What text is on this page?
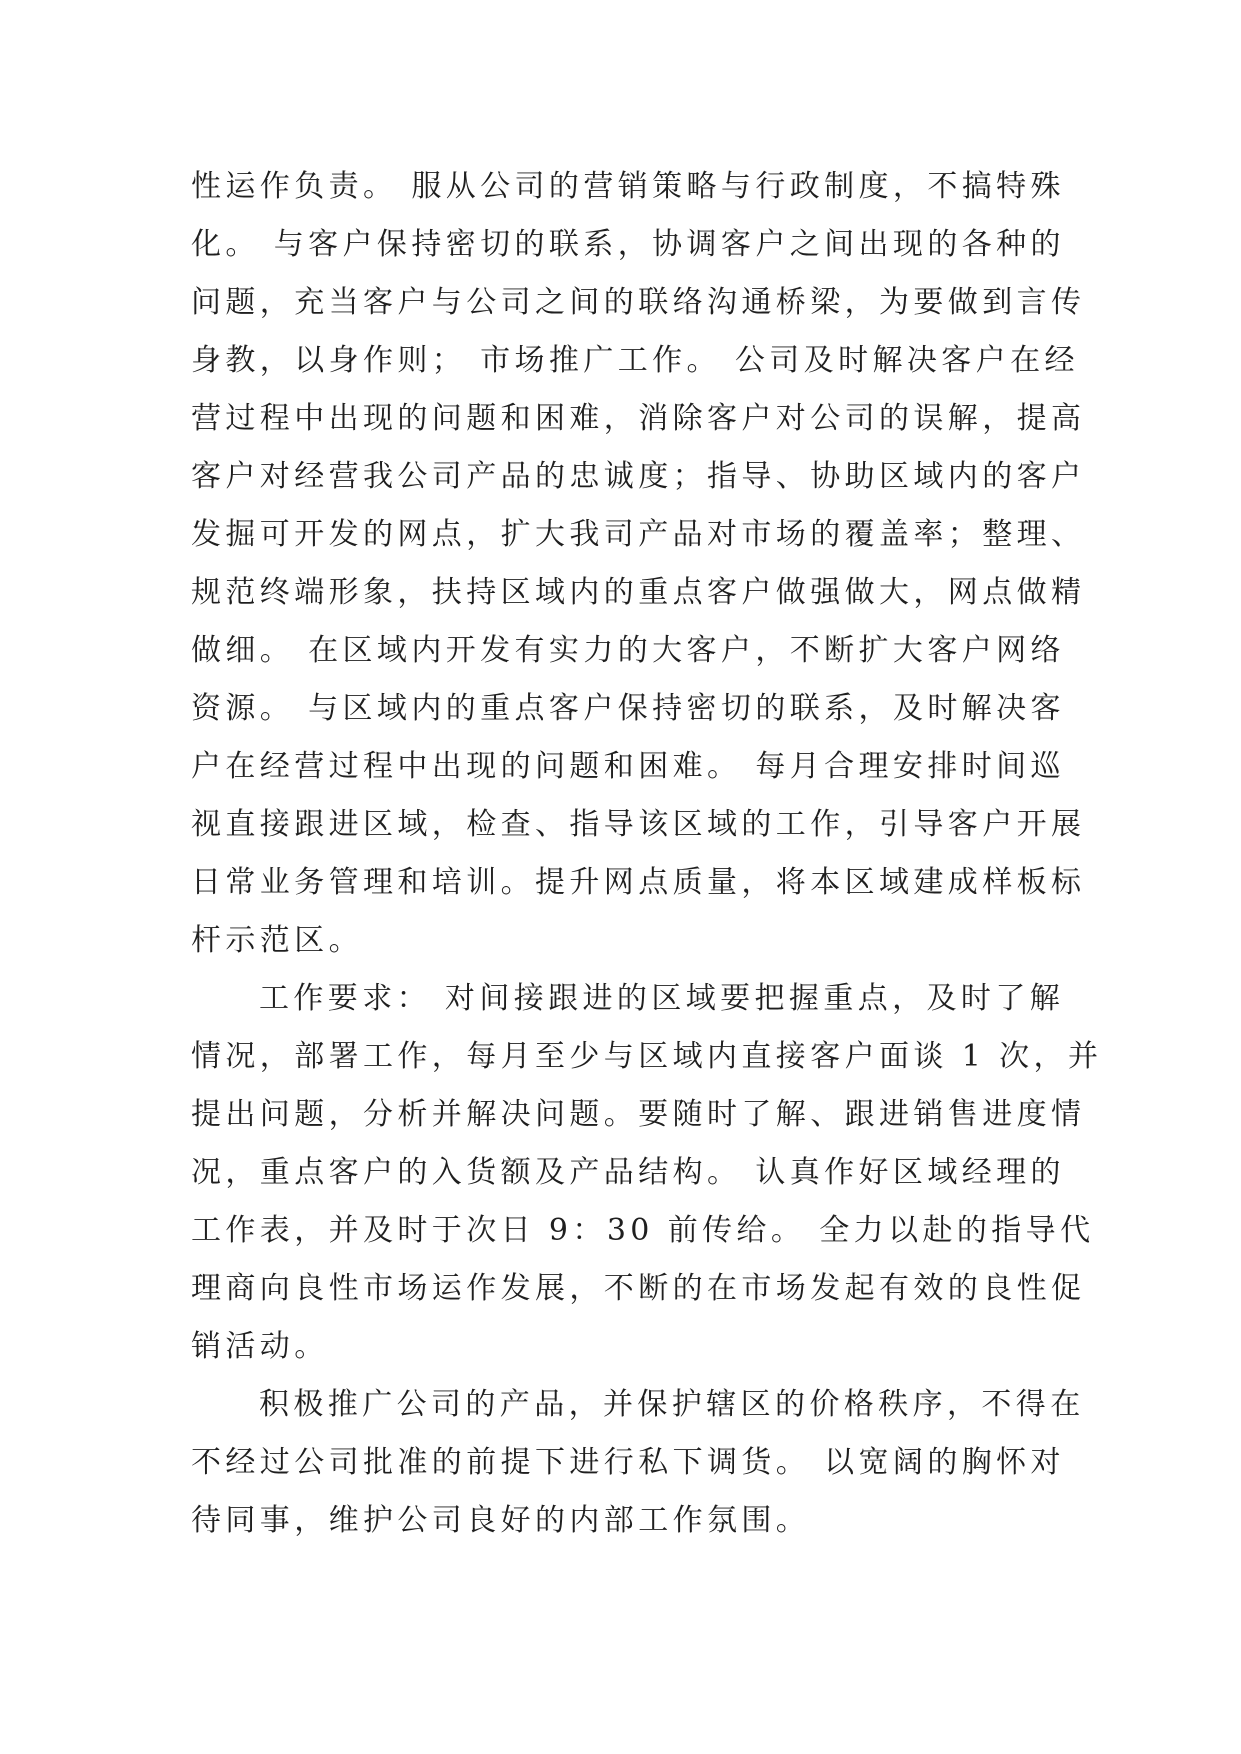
性运作负责。 服从公司的营销策略与行政制度，不搞特殊
化。 与客户保持密切的联系，协调客户之间出现的各种的
问题，充当客户与公司之间的联络沟通桥梁，为要做到言传
身教，以身作则； 市场推广工作。 公司及时解决客户在经
营过程中出现的问题和困难，消除客户对公司的误解，提高
客户对经营我公司产品的忠诚度；指导、协助区域内的客户
发掘可开发的网点，扩大我司产品对市场的覆盖率；整理、
规范终端形象，扶持区域内的重点客户做强做大，网点做精
做细。 在区域内开发有实力的大客户，不断扩大客户网络
资源。 与区域内的重点客户保持密切的联系，及时解决客
户在经营过程中出现的问题和困难。 每月合理安排时间巡
视直接跟进区域，检查、指导该区域的工作，引导客户开展
日常业务管理和培训。提升网点质量，将本区域建成样板标
杆示范区。
工作要求： 对间接跟进的区域要把握重点，及时了解
情况，部署工作，每月至少与区域内直接客户面谈 1 次，并
提出问题，分析并解决问题。要随时了解、跟进销售进度情
况，重点客户的入货额及产品结构。 认真作好区域经理的
工作表，并及时于次日 9：30 前传给。 全力以赴的指导代
理商向良性市场运作发展，不断的在市场发起有效的良性促
销活动。
积极推广公司的产品，并保护辖区的价格秩序，不得在
不经过公司批准的前提下进行私下调货。 以宽阔的胸怀对
待同事，维护公司良好的内部工作氛围。
